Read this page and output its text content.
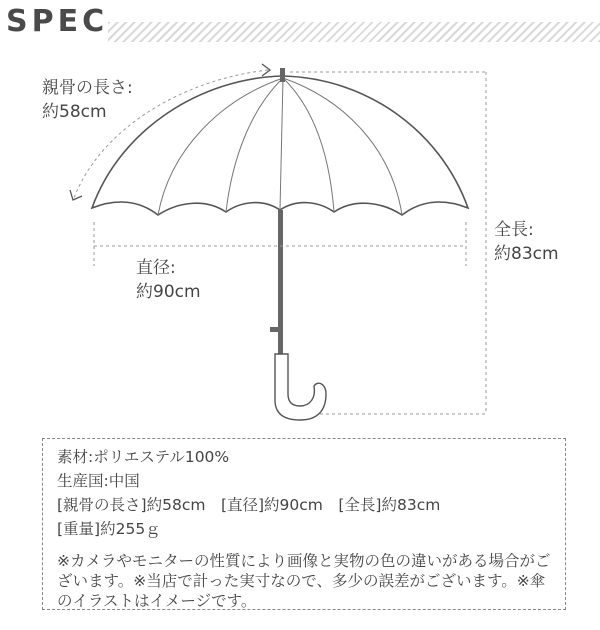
SPEC
親骨の長さ:
約58cm
直径:
約90cm
全長:
約83cm
素材:ポリエステル100%
生産国:中国
[親骨の長さ]約58cm　[直径]約90cm　[全長]約83cm
[重量]約255ｇ
※カメラやモニターの性質により画像と実物の色の違いがある場合がございます。※当店で計った実寸なので、多少の誤差がございます。※傘のイラストはイメージです。
